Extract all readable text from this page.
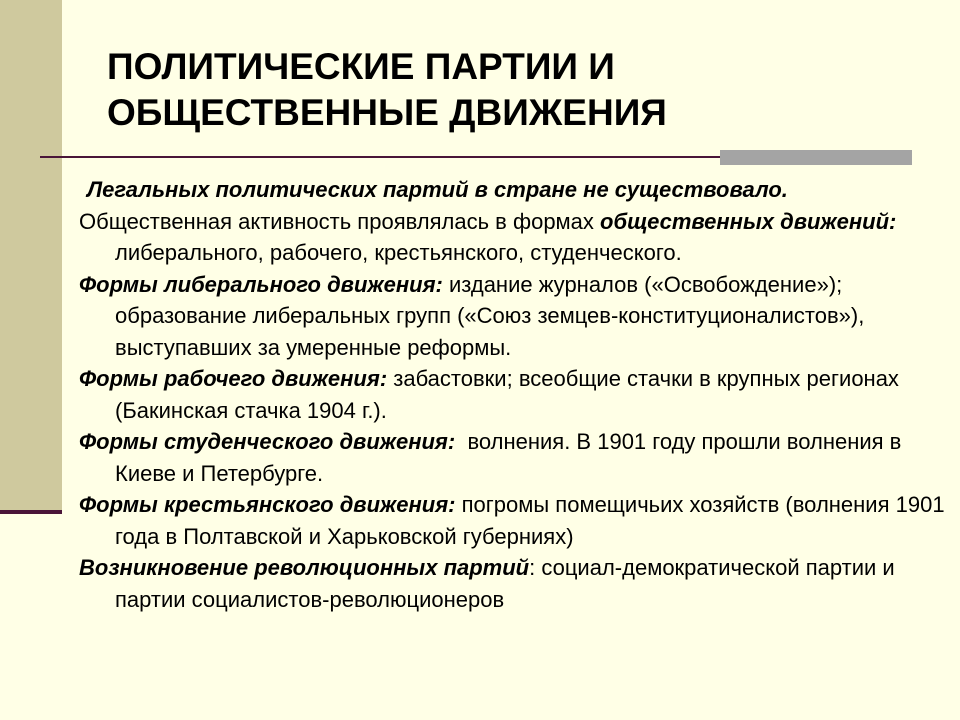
ПОЛИТИЧЕСКИЕ ПАРТИИ И
ОБЩЕСТВЕННЫЕ ДВИЖЕНИЯ

Легальных политических партий в стране не существовало.

Общественная активность проявлялась в формах общественных движений: либерального, рабочего, крестьянского, студенческого.

Формы либерального движения: издание журналов («Освобождение»); образование либеральных групп («Союз земцев-конституционалистов»), выступавших за умеренные реформы.

Формы рабочего движения: забастовки; всеобщие стачки в крупных регионах (Бакинская стачка 1904 г.).

Формы студенческого движения:  волнения. В 1901 году прошли волнения в Киеве и Петербурге.

Формы крестьянского движения: погромы помещичьих хозяйств (волнения 1901 года в Полтавской и Харьковской губерниях)

Возникновение революционных партий: социал-демократической партии и партии социалистов-революционеров
